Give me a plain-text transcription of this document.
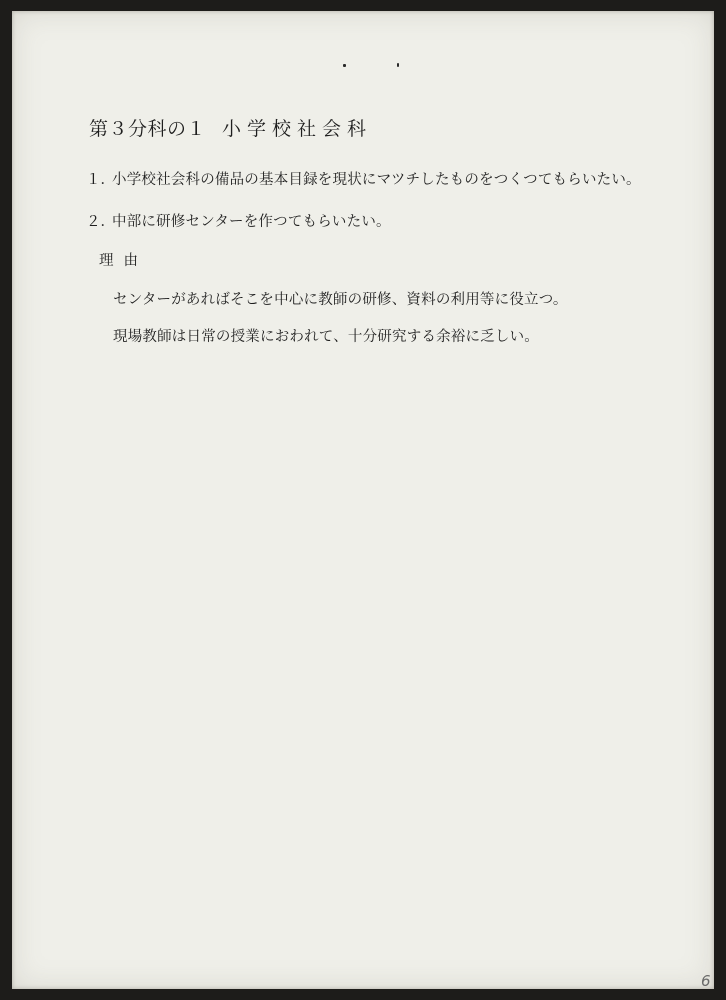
第３分科の１ 小学校社会科
１．小学校社会科の備品の基本目録を現状にマツチしたものをつくつてもらいたい。
２．中部に研修センターを作つてもらいたい。
理由
センターがあればそこを中心に教師の研修、資料の利用等に役立つ。
現場教師は日常の授業におわれて、十分研究する余裕に乏しい。
6
